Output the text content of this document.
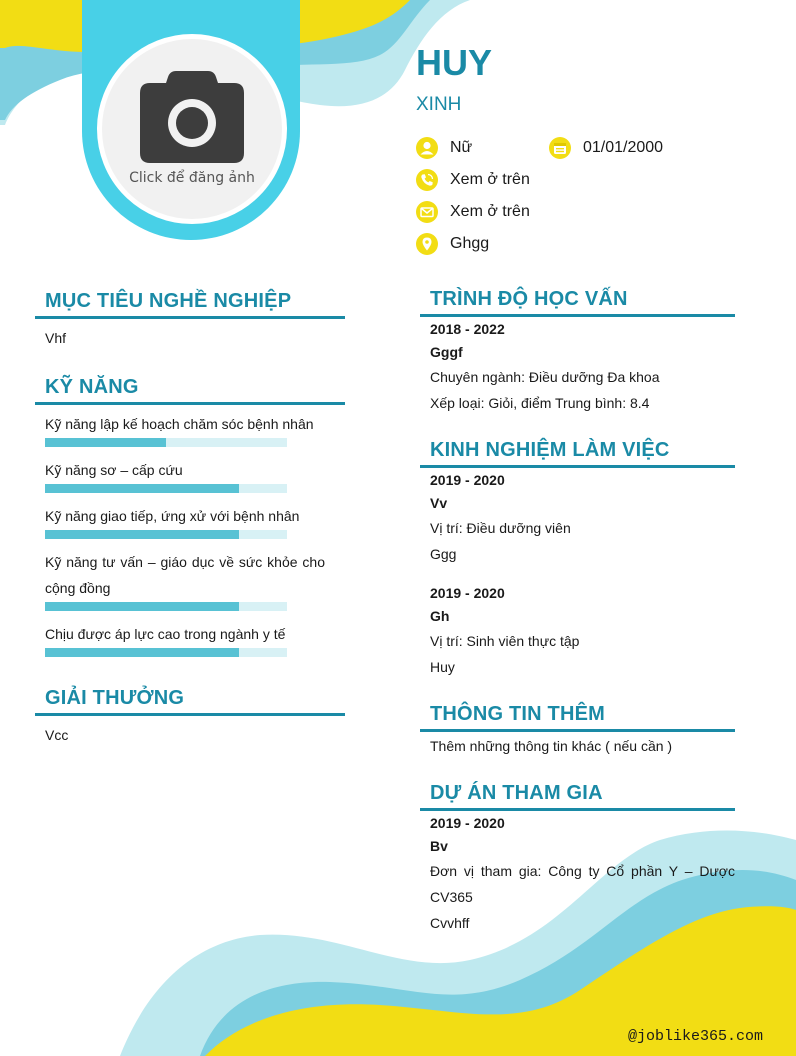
Click để đăng ảnh
HUY
XINH
Nữ	01/01/2000
Xem ở trên
Xem ở trên
Ghgg
MỤC TIÊU NGHỀ NGHIỆP
Vhf
KỸ NĂNG
Kỹ năng lập kế hoạch chăm sóc bệnh nhân
Kỹ năng sơ – cấp cứu
Kỹ năng giao tiếp, ứng xử với bệnh nhân
Kỹ năng tư vấn – giáo dục về sức khỏe cho cộng đồng
Chịu được áp lực cao trong ngành y tế
GIẢI THƯỞNG
Vcc
TRÌNH ĐỘ HỌC VẤN
2018 - 2022
Gggf
Chuyên ngành: Điều dưỡng Đa khoa
Xếp loại: Giỏi, điểm Trung bình: 8.4
KINH NGHIỆM LÀM VIỆC
2019 - 2020
Vv
Vị trí: Điều dưỡng viên
Ggg
2019 - 2020
Gh
Vị trí: Sinh viên thực tập
Huy
THÔNG TIN THÊM
Thêm những thông tin khác ( nếu cần )
DỰ ÁN THAM GIA
2019 - 2020
Bv
Đơn vị tham gia: Công ty Cổ phần Y – Dược CV365
Cvvhff
@joblike365.com
